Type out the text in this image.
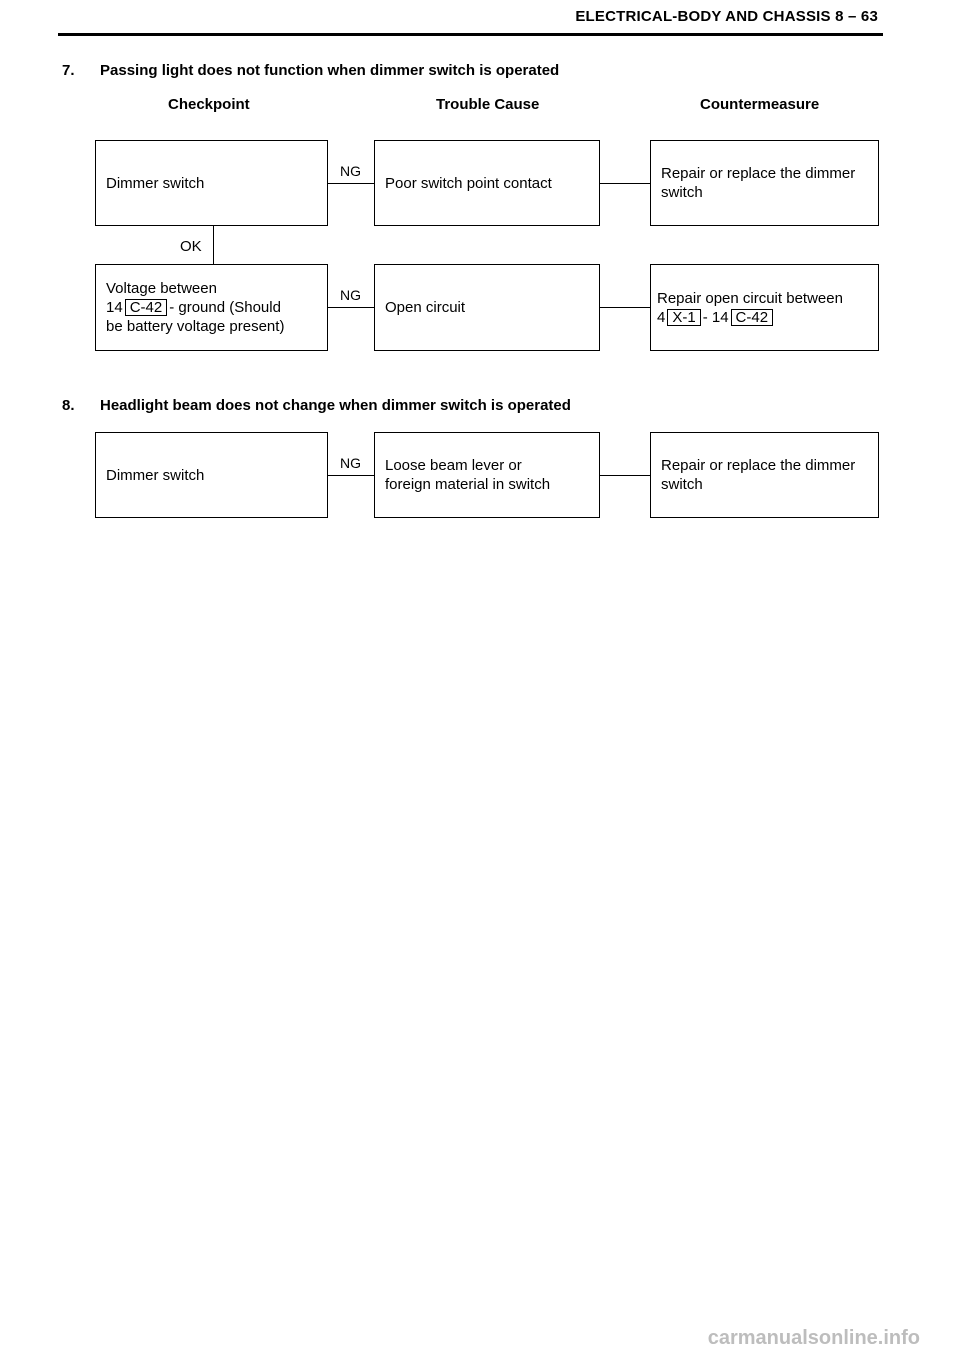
ELECTRICAL-BODY AND CHASSIS 8 – 63
7. Passing light does not function when dimmer switch is operated
Checkpoint	Trouble Cause	Countermeasure
Dimmer switch
NG
Poor switch point contact
Repair or replace the dimmer switch
OK
Voltage between
14 C-42 - ground (Should
be battery voltage present)
NG
Open circuit
Repair open circuit between
4 X-1 - 14 C-42
8. Headlight beam does not change when dimmer switch is operated
Dimmer switch
NG Loose beam lever or foreign material in switch
Repair or replace the dimmer switch
carmanualsonline.info
